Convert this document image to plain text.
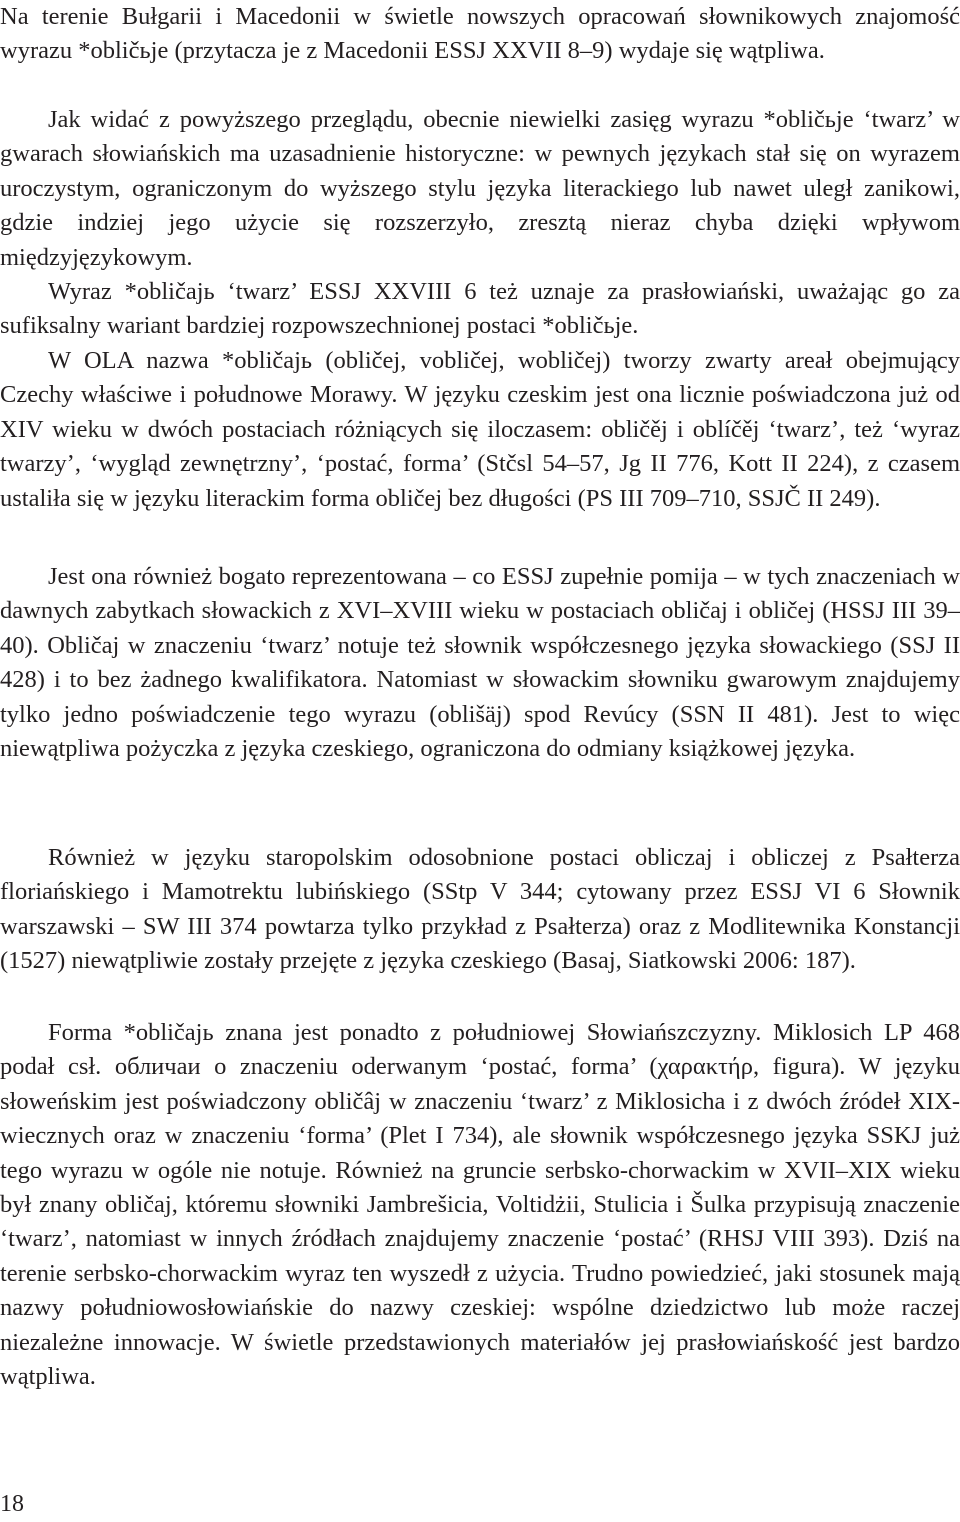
Na terenie Bułgarii i Macedonii w świetle nowszych opracowań słownikowych znajomość wyrazu *obličьje (przytacza je z Macedonii ESSJ XXVII 8–9) wydaje się wątpliwa.

Jak widać z powyższego przeglądu, obecnie niewielki zasięg wyrazu *obličьje ‘twarz’ w gwarach słowiańskich ma uzasadnienie historyczne: w pewnych językach stał się on wyrazem uroczystym, ograniczonym do wyższego stylu języka literackiego lub nawet uległ zanikowi, gdzie indziej jego użycie się rozszerzyło, zresztą nieraz chyba dzięki wpływom międzyjęzykowym.

Wyraz *obličajь ‘twarz’ ESSJ XXVIII 6 też uznaje za prasłowiański, uważając go za sufiksalny wariant bardziej rozpowszechnionej postaci *obličьje.

W OLA nazwa *obličajь (obličej, vobličej, wobličej) tworzy zwarty areał obejmujący Czechy właściwe i połudnowe Morawy. W języku czeskim jest ona licznie poświadczona już od XIV wieku w dwóch postaciach różniących się iloczasem: obličěj i oblíčěj ‘twarz’, też ‘wyraz twarzy’, ‘wygląd zewnętrzny’, ‘postać, forma’ (Stčsl 54–57, Jg II 776, Kott II 224), z czasem ustaliła się w języku literackim forma obličej bez długości (PS III 709–710, SSJČ II 249).

Jest ona również bogato reprezentowana – co ESSJ zupełnie pomija – w tych znaczeniach w dawnych zabytkach słowackich z XVI–XVIII wieku w postaciach obličaj i obličej (HSSJ III 39–40). Obličaj w znaczeniu ‘twarz’ notuje też słownik współczesnego języka słowackiego (SSJ II 428) i to bez żadnego kwalifikatora. Natomiast w słowackim słowniku gwarowym znajdujemy tylko jedno poświadczenie tego wyrazu (oblišäj) spod Revúcy (SSN II 481). Jest to więc niewątpliwa pożyczka z języka czeskiego, ograniczona do odmiany książkowej języka.

Również w języku staropolskim odosobnione postaci obliczaj i obliczej z Psałterza floriańskiego i Mamotrektu lubińskiego (SStp V 344; cytowany przez ESSJ VI 6 Słownik warszawski – SW III 374 powtarza tylko przykład z Psałterza) oraz z Modlitewnika Konstancji (1527) niewątpliwie zostały przejęte z języka czeskiego (Basaj, Siatkowski 2006: 187).

Forma *obličajь znana jest ponadto z południowej Słowiańszczyzny. Miklosich LP 468 podał csł. обличаи o znaczeniu oderwanym ‘postać, forma’ (χαρακτήρ, figura). W języku słoweńskim jest poświadczony obličâj w znaczeniu ‘twarz’ z Miklosicha i z dwóch źródeł XIX-wiecznych oraz w znaczeniu ‘forma’ (Plet I 734), ale słownik współczesnego języka SSKJ już tego wyrazu w ogóle nie notuje. Również na gruncie serbsko-chorwackim w XVII–XIX wieku był znany obličaj, któremu słowniki Jambrešicia, Voltidżii, Stulicia i Šulka przypisują znaczenie ‘twarz’, natomiast w innych źródłach znajdujemy znaczenie ‘postać’ (RHSJ VIII 393). Dziś na terenie serbsko-chorwackim wyraz ten wyszedł z użycia. Trudno powiedzieć, jaki stosunek mają nazwy południowosłowiańskie do nazwy czeskiej: wspólne dziedzictwo lub może raczej niezależne innowacje. W świetle przedstawionych materiałów jej prasłowiańskość jest bardzo wątpliwa.

18
